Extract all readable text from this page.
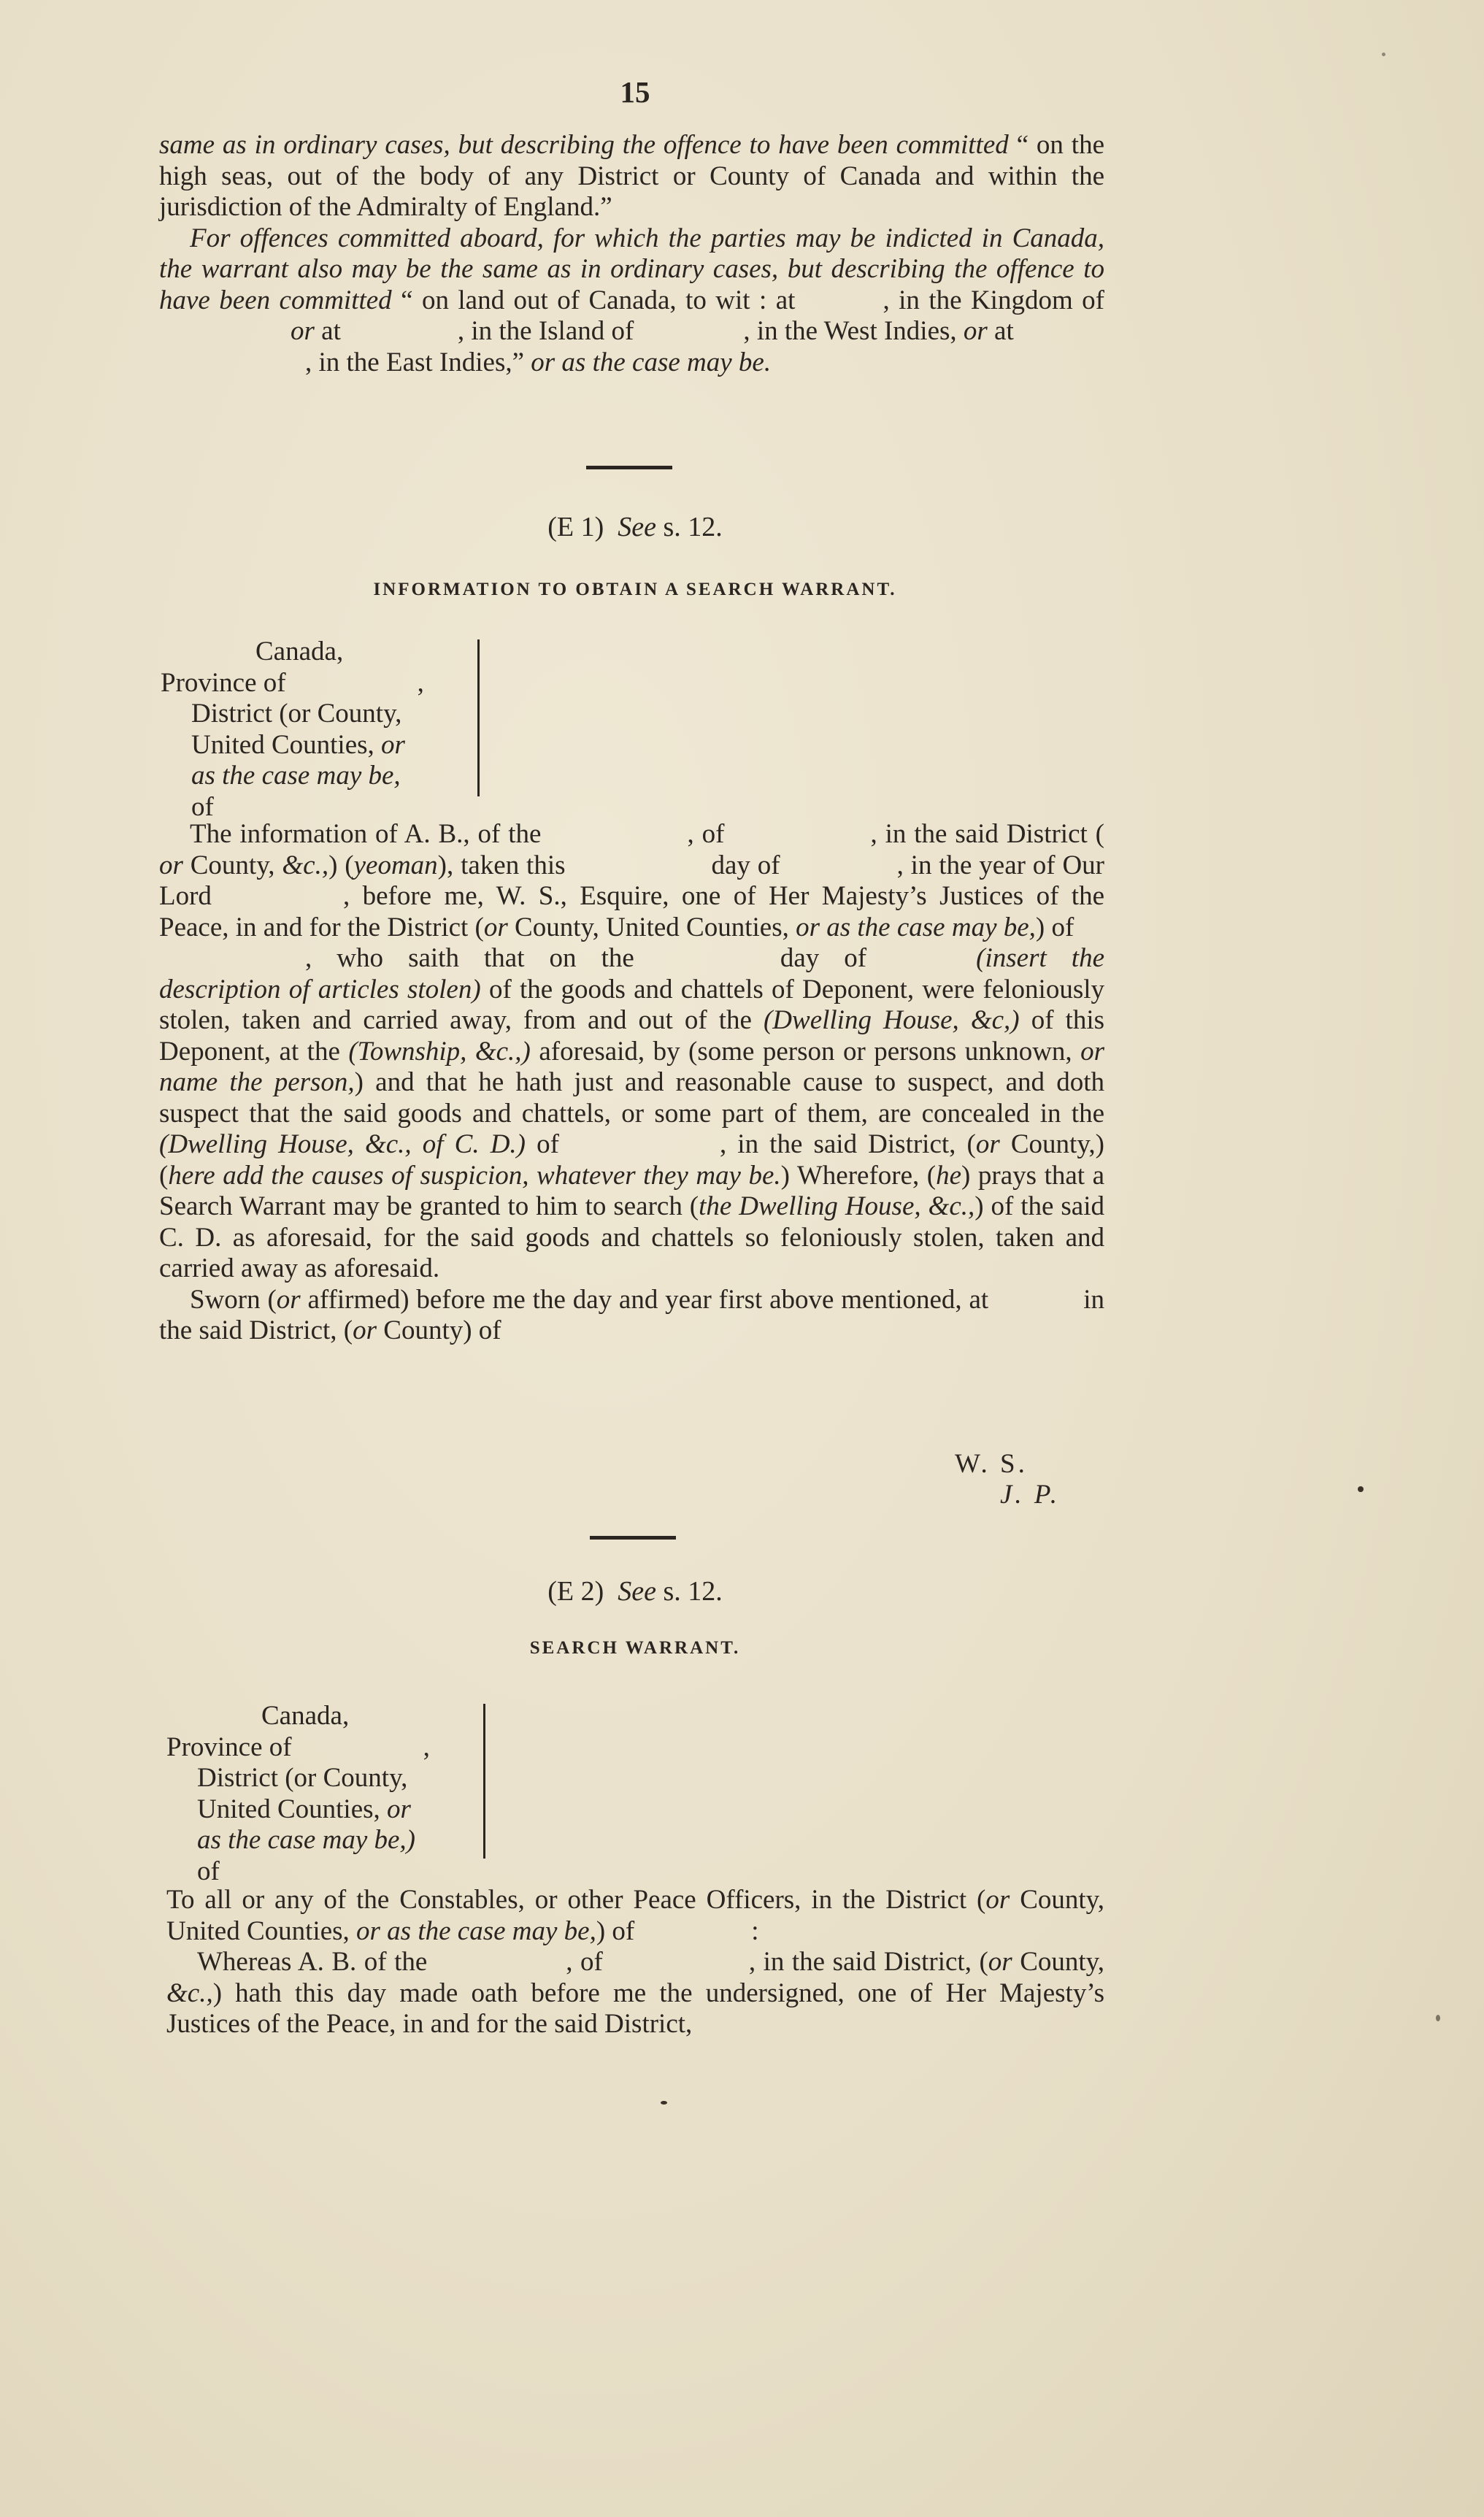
15

same as in ordinary cases, but describing the offence to have been committed “ on the high seas, out of the body of any District or County of Canada and within the jurisdiction of the Admiralty of England.”

For offences committed aboard, for which the parties may be indicted in Canada, the warrant also may be the same as in ordinary cases, but describing the offence to have been committed “ on land out of Canada, to wit : at	, in the Kingdom ofor at	, in the Island of	, in the West Indies, or at
, in the East Indies,” or as the case may be.

(E 1) See s. 12.
INFORMATION TO OBTAIN A SEARCH WARRANT.
Canada,
Province of	,
District (or County,
United Counties, or
as the case may be,
of

The information of A. B., of the	, of	, in the said District ( or County, &c.,) (yeoman), taken this	day of	, in the year of Our Lord	, before me, W. S., Esquire, one of Her Majesty’s Justices of the Peace, in and for the District (or County, United Counties, or as the case may be,) of
, who saith that on the	day of	(insert the description of articles stolen) of the goods and chattels of Deponent, were feloniously stolen, taken and carried away, from and out of the (Dwelling House, &c,) of this Deponent, at the (Township, &c.,) aforesaid, by (some person or persons unknown, or name the person,) and that he hath just and reasonable cause to suspect, and doth suspect that the said goods and chattels, or some part of them, are concealed in the (Dwelling House, &c., of C. D.) of	, in the said District, (or County,) (here add the causes of suspicion, whatever they may be.) Wherefore, (he) prays that a Search Warrant may be granted to him to search (the Dwelling House, &c.,) of the said C. D. as aforesaid, for the said goods and chattels so feloniously stolen, taken and carried away as aforesaid.

Sworn (or affirmed) before me the day and year first above mentioned, at	in the said District, (or County) of

W. S.
J. P.
(E 2) See s. 12.
SEARCH WARRANT.
Canada,
Province of	,
District (or County,
United Counties, or
as the case may be,)
of

To all or any of the Constables, or other Peace Officers, in the District (or County, United Counties, or as the case may be,) of	:

Whereas A. B. of the	, of	, in the said District, (or County, &c.,) hath this day made oath before me the undersigned, one of Her Majesty’s Justices of the Peace, in and for the said District,
